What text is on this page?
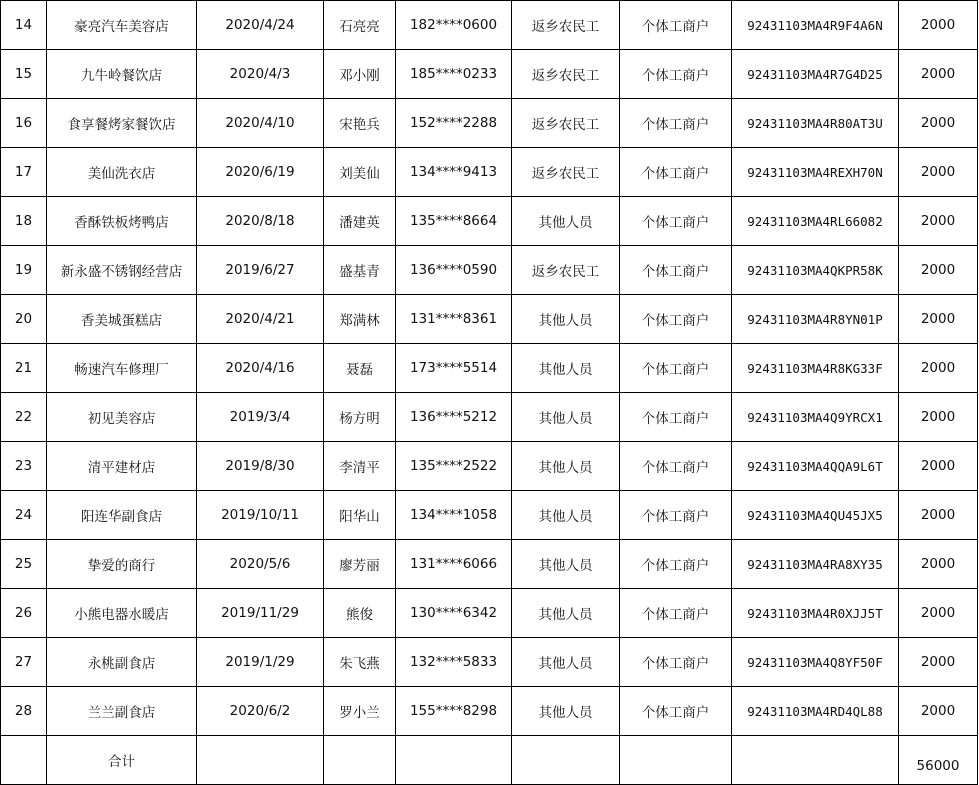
14	豪亮汽车美容店	2020/4/24	石亮亮	182****0600	返乡农民工	个体工商户	92431103MA4R9F4A6N	2000
15	九牛岭餐饮店	2020/4/3	邓小刚	185****0233	返乡农民工	个体工商户	92431103MA4R7G4D25	2000
16	食享餐烤家餐饮店	2020/4/10	宋艳兵	152****2288	返乡农民工	个体工商户	92431103MA4R80AT3U	2000
17	美仙洗衣店	2020/6/19	刘美仙	134****9413	返乡农民工	个体工商户	92431103MA4REXH70N	2000
18	香酥铁板烤鸭店	2020/8/18	潘建英	135****8664	其他人员	个体工商户	92431103MA4RL66082	2000
19	新永盛不锈钢经营店	2019/6/27	盛基青	136****0590	返乡农民工	个体工商户	92431103MA4QKPR58K	2000
20	香美城蛋糕店	2020/4/21	郑满林	131****8361	其他人员	个体工商户	92431103MA4R8YN01P	2000
21	畅速汽车修理厂	2020/4/16	聂磊	173****5514	其他人员	个体工商户	92431103MA4R8KG33F	2000
22	初见美容店	2019/3/4	杨方明	136****5212	其他人员	个体工商户	92431103MA4Q9YRCX1	2000
23	清平建材店	2019/8/30	李清平	135****2522	其他人员	个体工商户	92431103MA4QQA9L6T	2000
24	阳连华副食店	2019/10/11	阳华山	134****1058	其他人员	个体工商户	92431103MA4QU45JX5	2000
25	挚爱的商行	2020/5/6	廖芳丽	131****6066	其他人员	个体工商户	92431103MA4RA8XY35	2000
26	小熊电器水暖店	2019/11/29	熊俊	130****6342	其他人员	个体工商户	92431103MA4R0XJJ5T	2000
27	永桃副食店	2019/1/29	朱飞燕	132****5833	其他人员	个体工商户	92431103MA4Q8YF50F	2000
28	兰兰副食店	2020/6/2	罗小兰	155****8298	其他人员	个体工商户	92431103MA4RD4QL88	2000
	合计							56000
